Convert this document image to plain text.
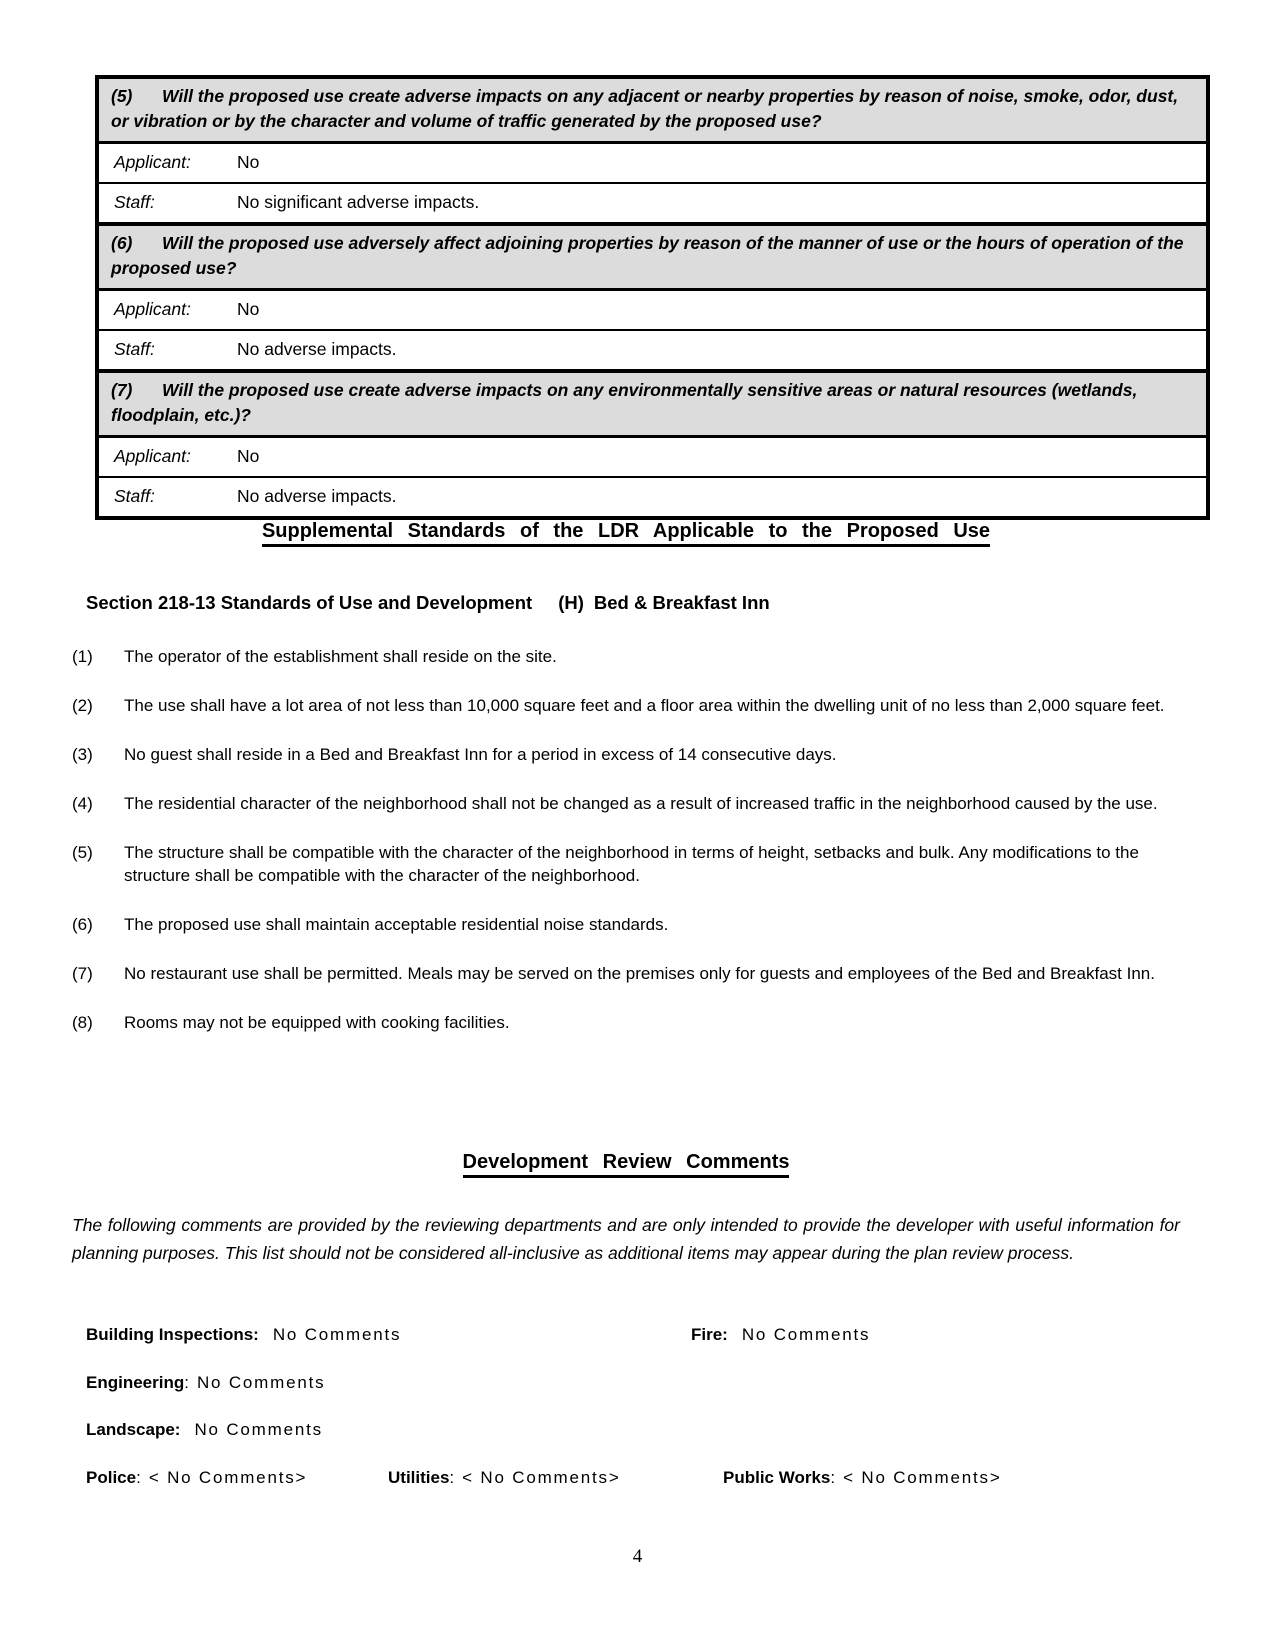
(5) Will the proposed use create adverse impacts on any adjacent or nearby properties by reason of noise, smoke, odor, dust, or vibration or by the character and volume of traffic generated by the proposed use?
Applicant:	No
Staff:	No significant adverse impacts.
(6) Will the proposed use adversely affect adjoining properties by reason of the manner of use or the hours of operation of the proposed use?
Applicant:	No
Staff:	No adverse impacts.
(7) Will the proposed use create adverse impacts on any environmentally sensitive areas or natural resources (wetlands, floodplain, etc.)?
Applicant:	No
Staff:	No adverse impacts.
Supplemental Standards of the LDR Applicable to the Proposed Use
Section 218-13 Standards of Use and Development (H) Bed & Breakfast Inn
(1) The operator of the establishment shall reside on the site.
(2) The use shall have a lot area of not less than 10,000 square feet and a floor area within the dwelling unit of no less than 2,000 square feet.
(3) No guest shall reside in a Bed and Breakfast Inn for a period in excess of 14 consecutive days.
(4) The residential character of the neighborhood shall not be changed as a result of increased traffic in the neighborhood caused by the use.
(5) The structure shall be compatible with the character of the neighborhood in terms of height, setbacks and bulk. Any modifications to the structure shall be compatible with the character of the neighborhood.
(6) The proposed use shall maintain acceptable residential noise standards.
(7) No restaurant use shall be permitted. Meals may be served on the premises only for guests and employees of the Bed and Breakfast Inn.
(8) Rooms may not be equipped with cooking facilities.
Development Review Comments
The following comments are provided by the reviewing departments and are only intended to provide the developer with useful information for planning purposes. This list should not be considered all-inclusive as additional items may appear during the plan review process.
Building Inspections: No Comments	Fire: No Comments
Engineering: No Comments
Landscape: No Comments
Police: < No Comments>	Utilities: < No Comments>	Public Works: < No Comments>
4
